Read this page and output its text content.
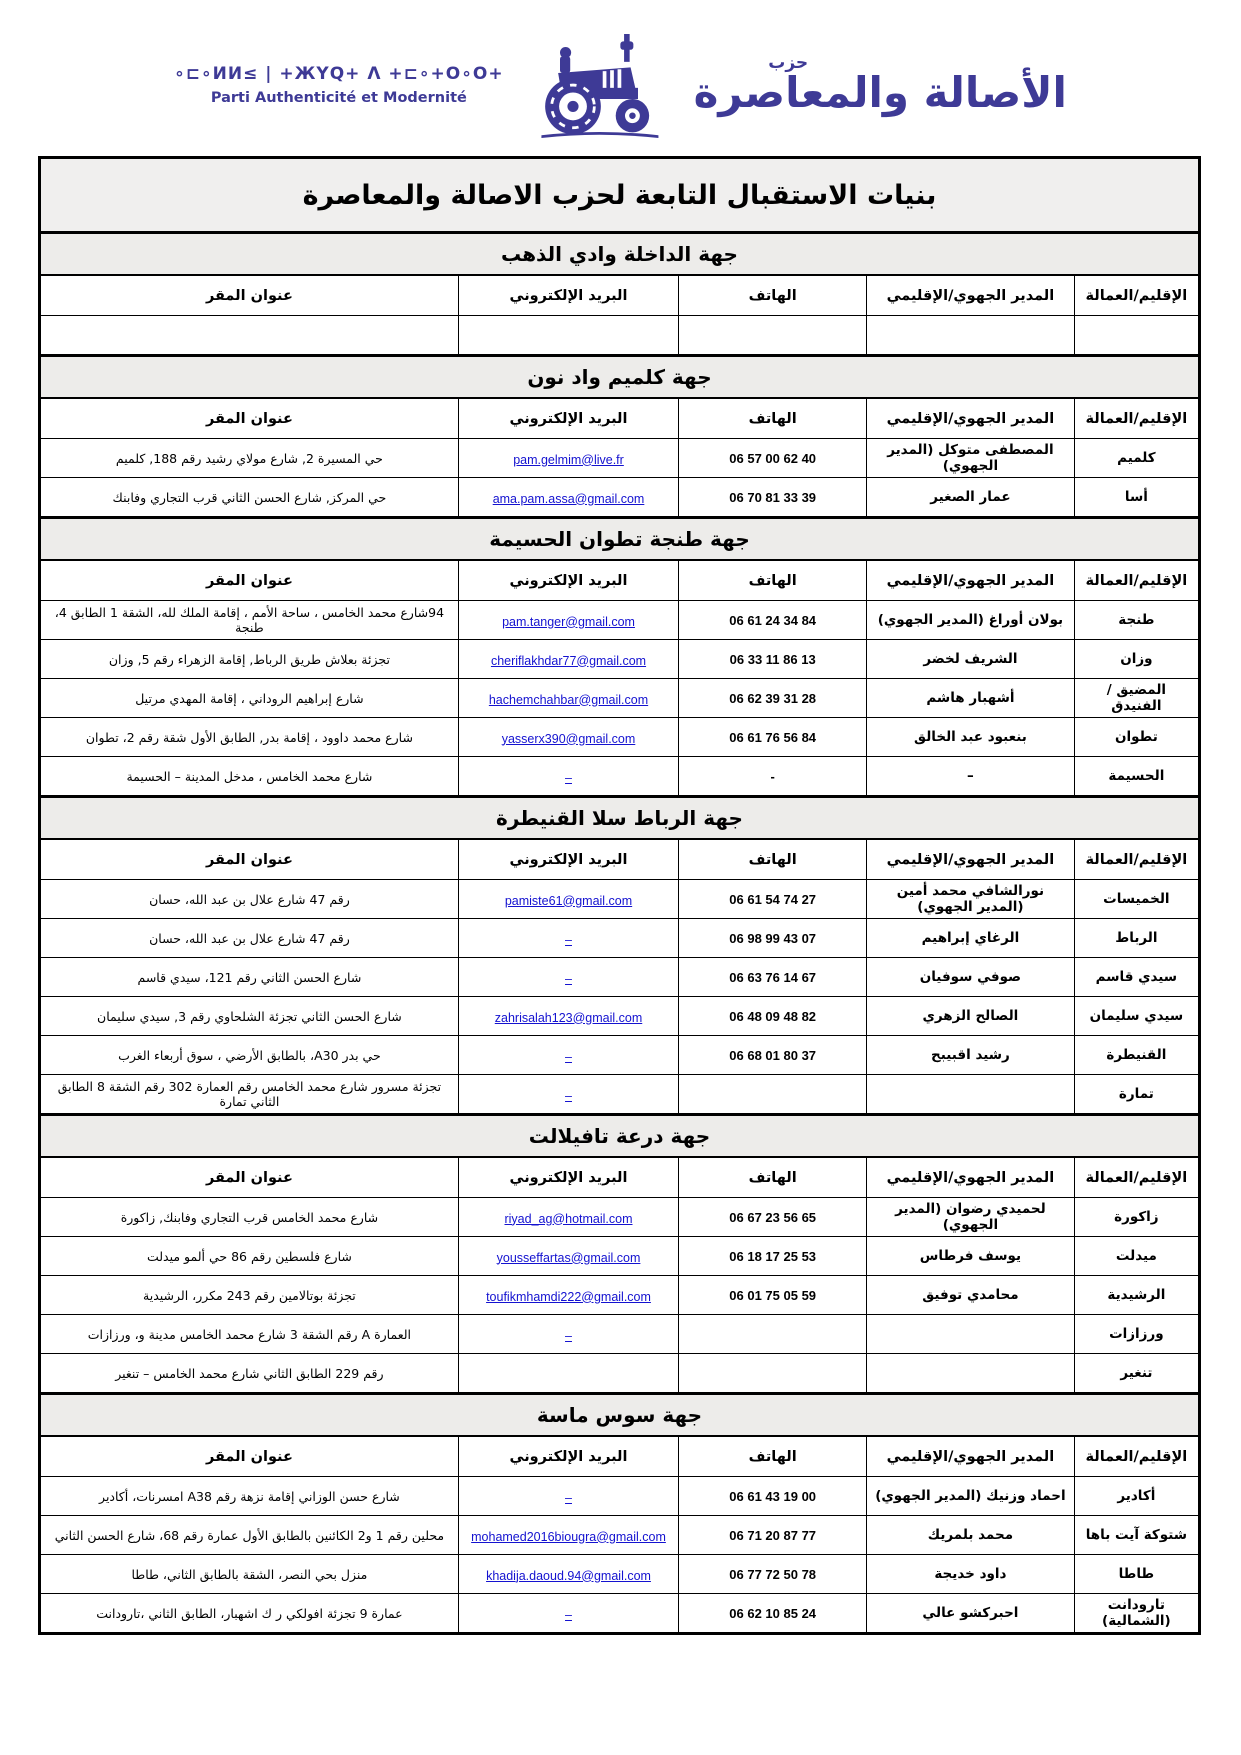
∘⊏∘ИИ≤ | +ЖYQ+ Λ +⊏∘+O∘O+
Parti Authenticité et Modernité
حزب
الأصالة والمعاصرة
بنيات الاستقبال التابعة لحزب الاصالة والمعاصرة				
جهة الداخلة وادي الذهب				
الإقليم/العمالة	المدير الجهوي/الإقليمي	الهاتف	البريد الإلكتروني	عنوان المقر

جهة كلميم واد نون				
الإقليم/العمالة	المدير الجهوي/الإقليمي	الهاتف	البريد الإلكتروني	عنوان المقر
كلميم	المصطفى متوكل (المدير الجهوي)	06 57 00 62 40	pam.gelmim@live.fr	حي المسيرة 2, شارع مولاي رشيد رقم 188, كلميم
أسا	عمار الصغير	06 70 81 33 39	ama.pam.assa@gmail.com	حي المركز, شارع الحسن الثاني قرب التجاري وفابنك
جهة طنجة تطوان الحسيمة				
الإقليم/العمالة	المدير الجهوي/الإقليمي	الهاتف	البريد الإلكتروني	عنوان المقر
طنجة	بولان أوراغ (المدير الجهوي)	06 61 24 34 84	pam.tanger@gmail.com	94شارع محمد الخامس ، ساحة الأمم ، إقامة الملك لله، الشقة 1 الطابق 4، طنجة
وزان	الشريف لخضر	06 33 11 86 13	cheriflakhdar77@gmail.com	تجزئة بعلاش طريق الرباط, إقامة الزهراء رقم 5, وزان
المضيق / الفنيدق	أشهبار هاشم	06 62 39 31 28	hachemchahbar@gmail.com	شارع إبراهيم الروداني ، إقامة المهدي مرتيل
تطوان	بنعبود عبد الخالق	06 61 76 56 84	yasserx390@gmail.com	شارع محمد داوود ، إقامة بدر, الطابق الأول شقة رقم 2، تطوان
الحسيمة	–	-	–	شارع محمد الخامس ، مدخل المدينة – الحسيمة
جهة الرباط سلا القنيطرة				
الإقليم/العمالة	المدير الجهوي/الإقليمي	الهاتف	البريد الإلكتروني	عنوان المقر
الخميسات	نورالشافي محمد أمين (المدير الجهوي)	06 61 54 74 27	pamiste61@gmail.com	رقم 47 شارع علال بن عبد الله، حسان
الرباط	الرغاي إبراهيم	06 98 99 43 07	–	رقم 47 شارع علال بن عبد الله، حسان
سيدي قاسم	صوفي سوفيان	06 63 76 14 67	–	شارع الحسن الثاني رقم 121، سيدي قاسم
سيدي سليمان	الصالح الزهري	06 48 09 48 82	zahrisalah123@gmail.com	شارع الحسن الثاني تجزئة الشلحاوي رقم 3, سيدي سليمان
القنيطرة	رشيد اقبيبح	06 68 01 80 37	–	حي بدر A30، بالطابق الأرضي ، سوق أربعاء الغرب
تمارة			–	تجزئة مسرور شارع محمد الخامس رقم العمارة 302 رقم الشقة 8 الطابق الثاني تمارة
جهة درعة تافيلالت				
الإقليم/العمالة	المدير الجهوي/الإقليمي	الهاتف	البريد الإلكتروني	عنوان المقر
زاكورة	لحميدي رضوان (المدير الجهوي)	06 67 23 56 65	riyad_ag@hotmail.com	شارع محمد الخامس قرب التجاري وفابنك, زاكورة
ميدلت	يوسف فرطاس	06 18 17 25 53	yousseffartas@gmail.com	شارع فلسطين رقم 86 حي ألمو ميدلت
الرشيدية	محامدي توفيق	06 01 75 05 59	toufikmhamdi222@gmail.com	تجزئة بوتالامين رقم 243 مكرر، الرشيدية
ورزازات			–	العمارة A رقم الشقة 3 شارع محمد الخامس مدينة و، ورزازات
تنغير				رقم 229 الطابق الثاني شارع محمد الخامس – تنغير
جهة سوس ماسة				
الإقليم/العمالة	المدير الجهوي/الإقليمي	الهاتف	البريد الإلكتروني	عنوان المقر
أكادير	احماد وزنيك (المدير الجهوي)	06 61 43 19 00	–	شارع حسن الوزاني إقامة نزهة رقم A38 امسرنات، أكادير
شتوكة آيت باها	محمد بلمريك	06 71 20 87 77	mohamed2016biougra@gmail.com	محلين رقم 1 و2 الكائنين بالطابق الأول عمارة رقم 68، شارع الحسن الثاني
طاطا	داود خديجة	06 77 72 50 78	khadija.daoud.94@gmail.com	منزل بحي النصر، الشقة بالطابق الثاني، طاطا
تارودانت (الشمالية)	احبركشو عالي	06 62 10 85 24	–	عمارة 9 تجزئة افولكي ر ك اشهبار، الطابق الثاني ،تارودانت
